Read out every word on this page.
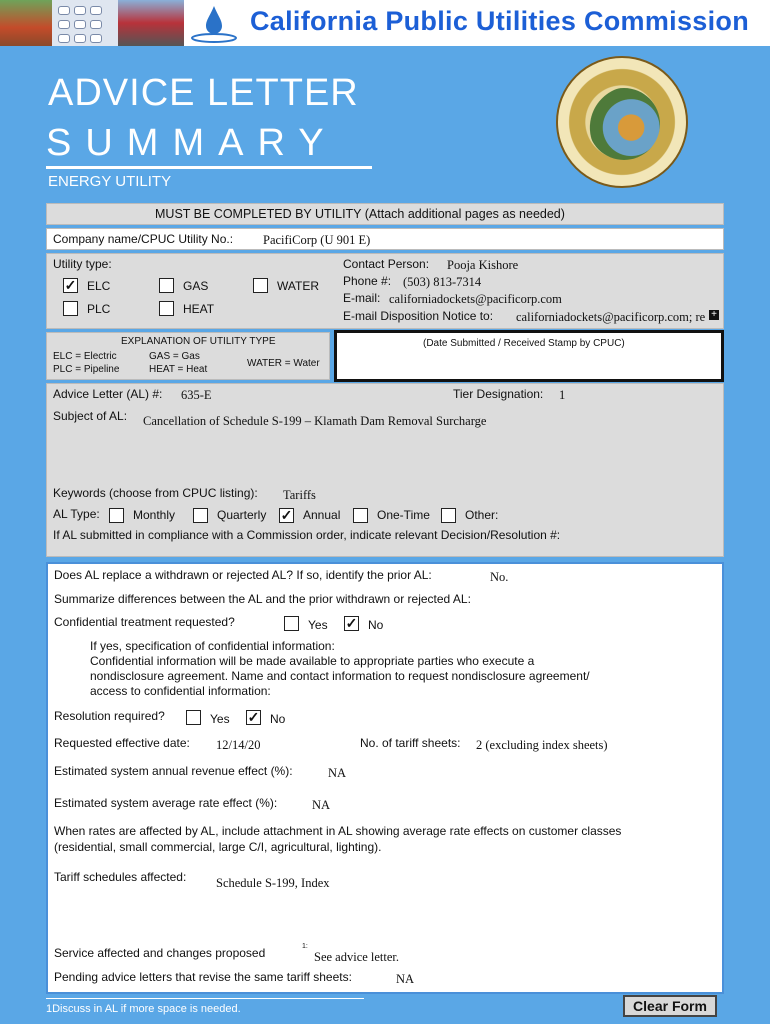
California Public Utilities Commission
ADVICE LETTER
SUMMARY
ENERGY UTILITY
MUST BE COMPLETED BY UTILITY (Attach additional pages as needed)
Company name/CPUC Utility No.: PacifiCorp (U 901 E)
Utility type:
✓ ELC	GAS	WATER
PLC	HEAT
Contact Person: Pooja Kishore
Phone #: (503) 813-7314
E-mail: californiadockets@pacificorp.com
E-mail Disposition Notice to: californiadockets@pacificorp.com; re +
EXPLANATION OF UTILITY TYPE
ELC = Electric
PLC = Pipeline
GAS = Gas
HEAT = Heat
WATER = Water
(Date Submitted / Received Stamp by CPUC)
Advice Letter (AL) #: 635-E	Tier Designation: 1
Subject of AL: Cancellation of Schedule S-199 – Klamath Dam Removal Surcharge
Keywords (choose from CPUC listing): Tariffs
AL Type:	Monthly	Quarterly ✓ Annual	One-Time	Other:
If AL submitted in compliance with a Commission order, indicate relevant Decision/Resolution #:
Does AL replace a withdrawn or rejected AL? If so, identify the prior AL:	No.
Summarize differences between the AL and the prior withdrawn or rejected AL:
Confidential treatment requested?	Yes ✓ No
If yes, specification of confidential information:
Confidential information will be made available to appropriate parties who execute a
nondisclosure agreement. Name and contact information to request nondisclosure agreement/
access to confidential information:
Resolution required?	Yes ✓ No
Requested effective date: 12/14/20	No. of tariff sheets: 2 (excluding index sheets)
Estimated system annual revenue effect (%):	NA
Estimated system average rate effect (%):	NA
When rates are affected by AL, include attachment in AL showing average rate effects on customer classes
(residential, small commercial, large C/I, agricultural, lighting).
Tariff schedules affected: Schedule S-199, Index
Service affected and changes proposed	1:
See advice letter.
Pending advice letters that revise the same tariff sheets:	NA
1Discuss in AL if more space is needed.	Clear Form
